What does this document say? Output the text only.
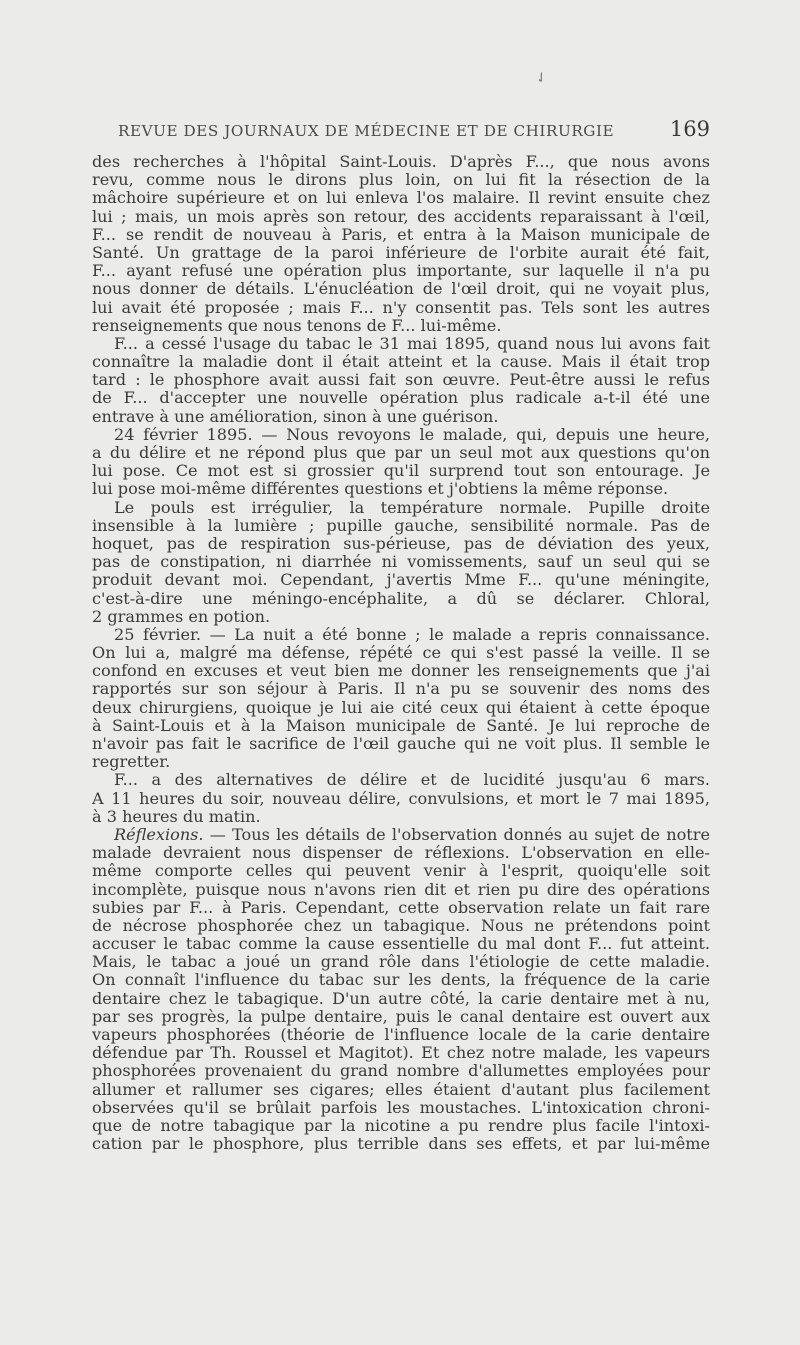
✓
REVUE DES JOURNAUX DE MÉDECINE ET DE CHIRURGIE	169
des recherches à l'hôpital Saint-Louis. D'après F..., que nous avons
revu, comme nous le dirons plus loin, on lui fit la résection de la
mâchoire supérieure et on lui enleva l'os malaire. Il revint ensuite chez
lui ; mais, un mois après son retour, des accidents reparaissant à l'œil,
F... se rendit de nouveau à Paris, et entra à la Maison municipale de
Santé. Un grattage de la paroi inférieure de l'orbite aurait été fait,
F... ayant refusé une opération plus importante, sur laquelle il n'a pu
nous donner de détails. L'énucléation de l'œil droit, qui ne voyait plus,
lui avait été proposée ; mais F... n'y consentit pas. Tels sont les autres
renseignements que nous tenons de F... lui-même.
F... a cessé l'usage du tabac le 31 mai 1895, quand nous lui avons fait
connaître la maladie dont il était atteint et la cause. Mais il était trop
tard : le phosphore avait aussi fait son œuvre. Peut-être aussi le refus
de F... d'accepter une nouvelle opération plus radicale a-t-il été une
entrave à une amélioration, sinon à une guérison.
24 février 1895. — Nous revoyons le malade, qui, depuis une heure,
a du délire et ne répond plus que par un seul mot aux questions qu'on
lui pose. Ce mot est si grossier qu'il surprend tout son entourage. Je
lui pose moi-même différentes questions et j'obtiens la même réponse.
Le pouls est irrégulier, la température normale. Pupille droite
insensible à la lumière ; pupille gauche, sensibilité normale. Pas de
hoquet, pas de respiration sus-périeuse, pas de déviation des yeux,
pas de constipation, ni diarrhée ni vomissements, sauf un seul qui se
produit devant moi. Cependant, j'avertis Mme F... qu'une méningite,
c'est-à-dire une méningo-encéphalite, a dû se déclarer. Chloral,
2 grammes en potion.
25 février. — La nuit a été bonne ; le malade a repris connaissance.
On lui a, malgré ma défense, répété ce qui s'est passé la veille. Il se
confond en excuses et veut bien me donner les renseignements que j'ai
rapportés sur son séjour à Paris. Il n'a pu se souvenir des noms des
deux chirurgiens, quoique je lui aie cité ceux qui étaient à cette époque
à Saint-Louis et à la Maison municipale de Santé. Je lui reproche de
n'avoir pas fait le sacrifice de l'œil gauche qui ne voit plus. Il semble le
regretter.
F... a des alternatives de délire et de lucidité jusqu'au 6 mars.
A 11 heures du soir, nouveau délire, convulsions, et mort le 7 mai 1895,
à 3 heures du matin.
Réflexions. — Tous les détails de l'observation donnés au sujet de notre
malade devraient nous dispenser de réflexions. L'observation en elle-
même comporte celles qui peuvent venir à l'esprit, quoiqu'elle soit
incomplète, puisque nous n'avons rien dit et rien pu dire des opérations
subies par F... à Paris. Cependant, cette observation relate un fait rare
de nécrose phosphorée chez un tabagique. Nous ne prétendons point
accuser le tabac comme la cause essentielle du mal dont F... fut atteint.
Mais, le tabac a joué un grand rôle dans l'étiologie de cette maladie.
On connaît l'influence du tabac sur les dents, la fréquence de la carie
dentaire chez le tabagique. D'un autre côté, la carie dentaire met à nu,
par ses progrès, la pulpe dentaire, puis le canal dentaire est ouvert aux
vapeurs phosphorées (théorie de l'influence locale de la carie dentaire
défendue par Th. Roussel et Magitot). Et chez notre malade, les vapeurs
phosphorées provenaient du grand nombre d'allumettes employées pour
allumer et rallumer ses cigares; elles étaient d'autant plus facilement
observées qu'il se brûlait parfois les moustaches. L'intoxication chroni-
que de notre tabagique par la nicotine a pu rendre plus facile l'intoxi-
cation par le phosphore, plus terrible dans ses effets, et par lui-même
